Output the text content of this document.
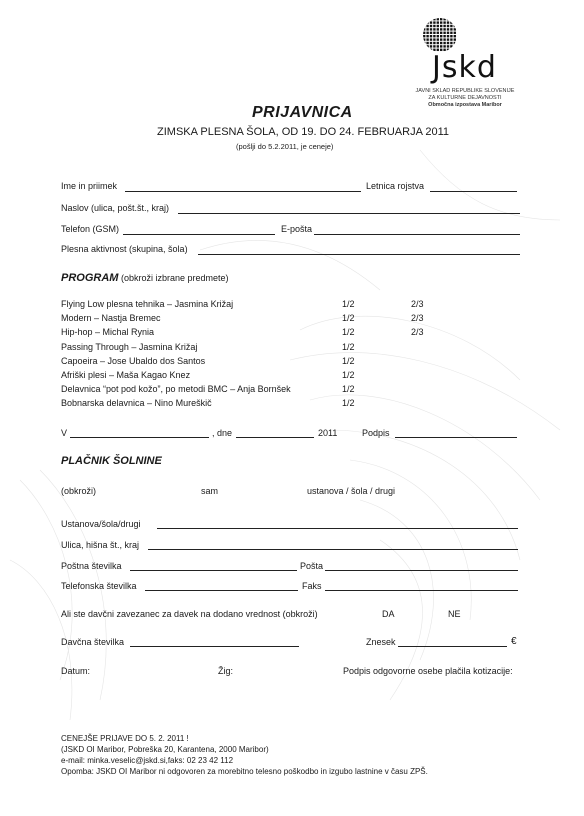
Jskd
JAVNI SKLAD REPUBLIKE SLOVENIJE
ZA KULTURNE DEJAVNOSTI
Območna izpostava Maribor
PRIJAVNICA
ZIMSKA PLESNA ŠOLA, OD 19. DO 24. FEBRUARJA 2011
(pošlji do 5.2.2011, je ceneje)
Ime in priimek	Letnica rojstva
Naslov (ulica, pošt.št., kraj)
Telefon (GSM)	E-pošta
Plesna aktivnost (skupina, šola)
PROGRAM (obkroži izbrane predmete)
Flying Low plesna tehnika – Jasmina Križaj	1/2	2/3
Modern – Nastja Bremec	1/2	2/3
Hip-hop – Michal Rynia	1/2	2/3
Passing Through – Jasmina Križaj	1/2
Capoeira – Jose Ubaldo dos Santos	1/2
Afriški plesi – Maša Kagao Knez	1/2
Delavnica “pot pod kožo”, po metodi BMC – Anja Bornšek	1/2
Bobnarska delavnica – Nino Mureškič	1/2
V	, dne	2011	Podpis
PLAČNIK ŠOLNINE
(obkroži)	sam	ustanova / šola / drugi
Ustanova/šola/drugi
Ulica, hišna št., kraj
Poštna številka	Pošta
Telefonska številka	Faks
Ali ste davčni zavezanec za davek na dodano vrednost (obkroži)	DA	NE
Davčna številka	Znesek	€
Datum:	Žig:	Podpis odgovorne osebe plačila kotizacije:
CENEJŠE PRIJAVE DO 5. 2. 2011 !
(JSKD OI Maribor, Pobreška 20, Karantena, 2000 Maribor)
e-mail: minka.veselic@jskd.si,faks: 02 23 42 112
Opomba: JSKD OI Maribor ni odgovoren za morebitno telesno poškodbo in izgubo lastnine v času ZPŠ.
